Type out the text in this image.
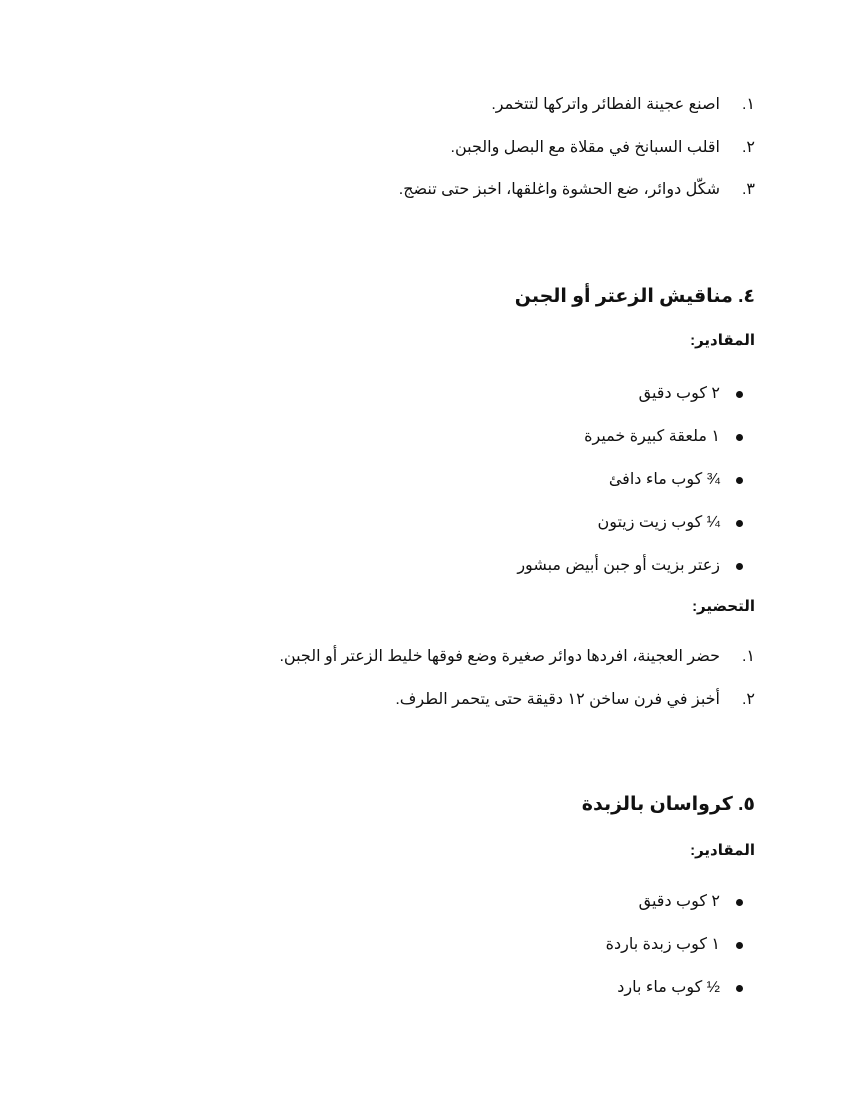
١.
اصنع عجينة الفطائر واتركها لتتخمر.
٢.
اقلب السبانخ في مقلاة مع البصل والجبن.
٣.
شكّل دوائر، ضع الحشوة واغلقها، اخبز حتى تنضج.
٤. مناقيش الزعتر أو الجبن
المقادير:
٢ كوب دقيق
١ ملعقة كبيرة خميرة
¾ كوب ماء دافئ
¼ كوب زيت زيتون
زعتر بزيت أو جبن أبيض مبشور
التحضير:
١.
حضر العجينة، افردها دوائر صغيرة وضع فوقها خليط الزعتر أو الجبن.
٢.
أخبز في فرن ساخن ١٢ دقيقة حتى يتحمر الطرف.
٥. كرواسان بالزبدة
المقادير:
٢ كوب دقيق
١ كوب زبدة باردة
½ كوب ماء بارد
